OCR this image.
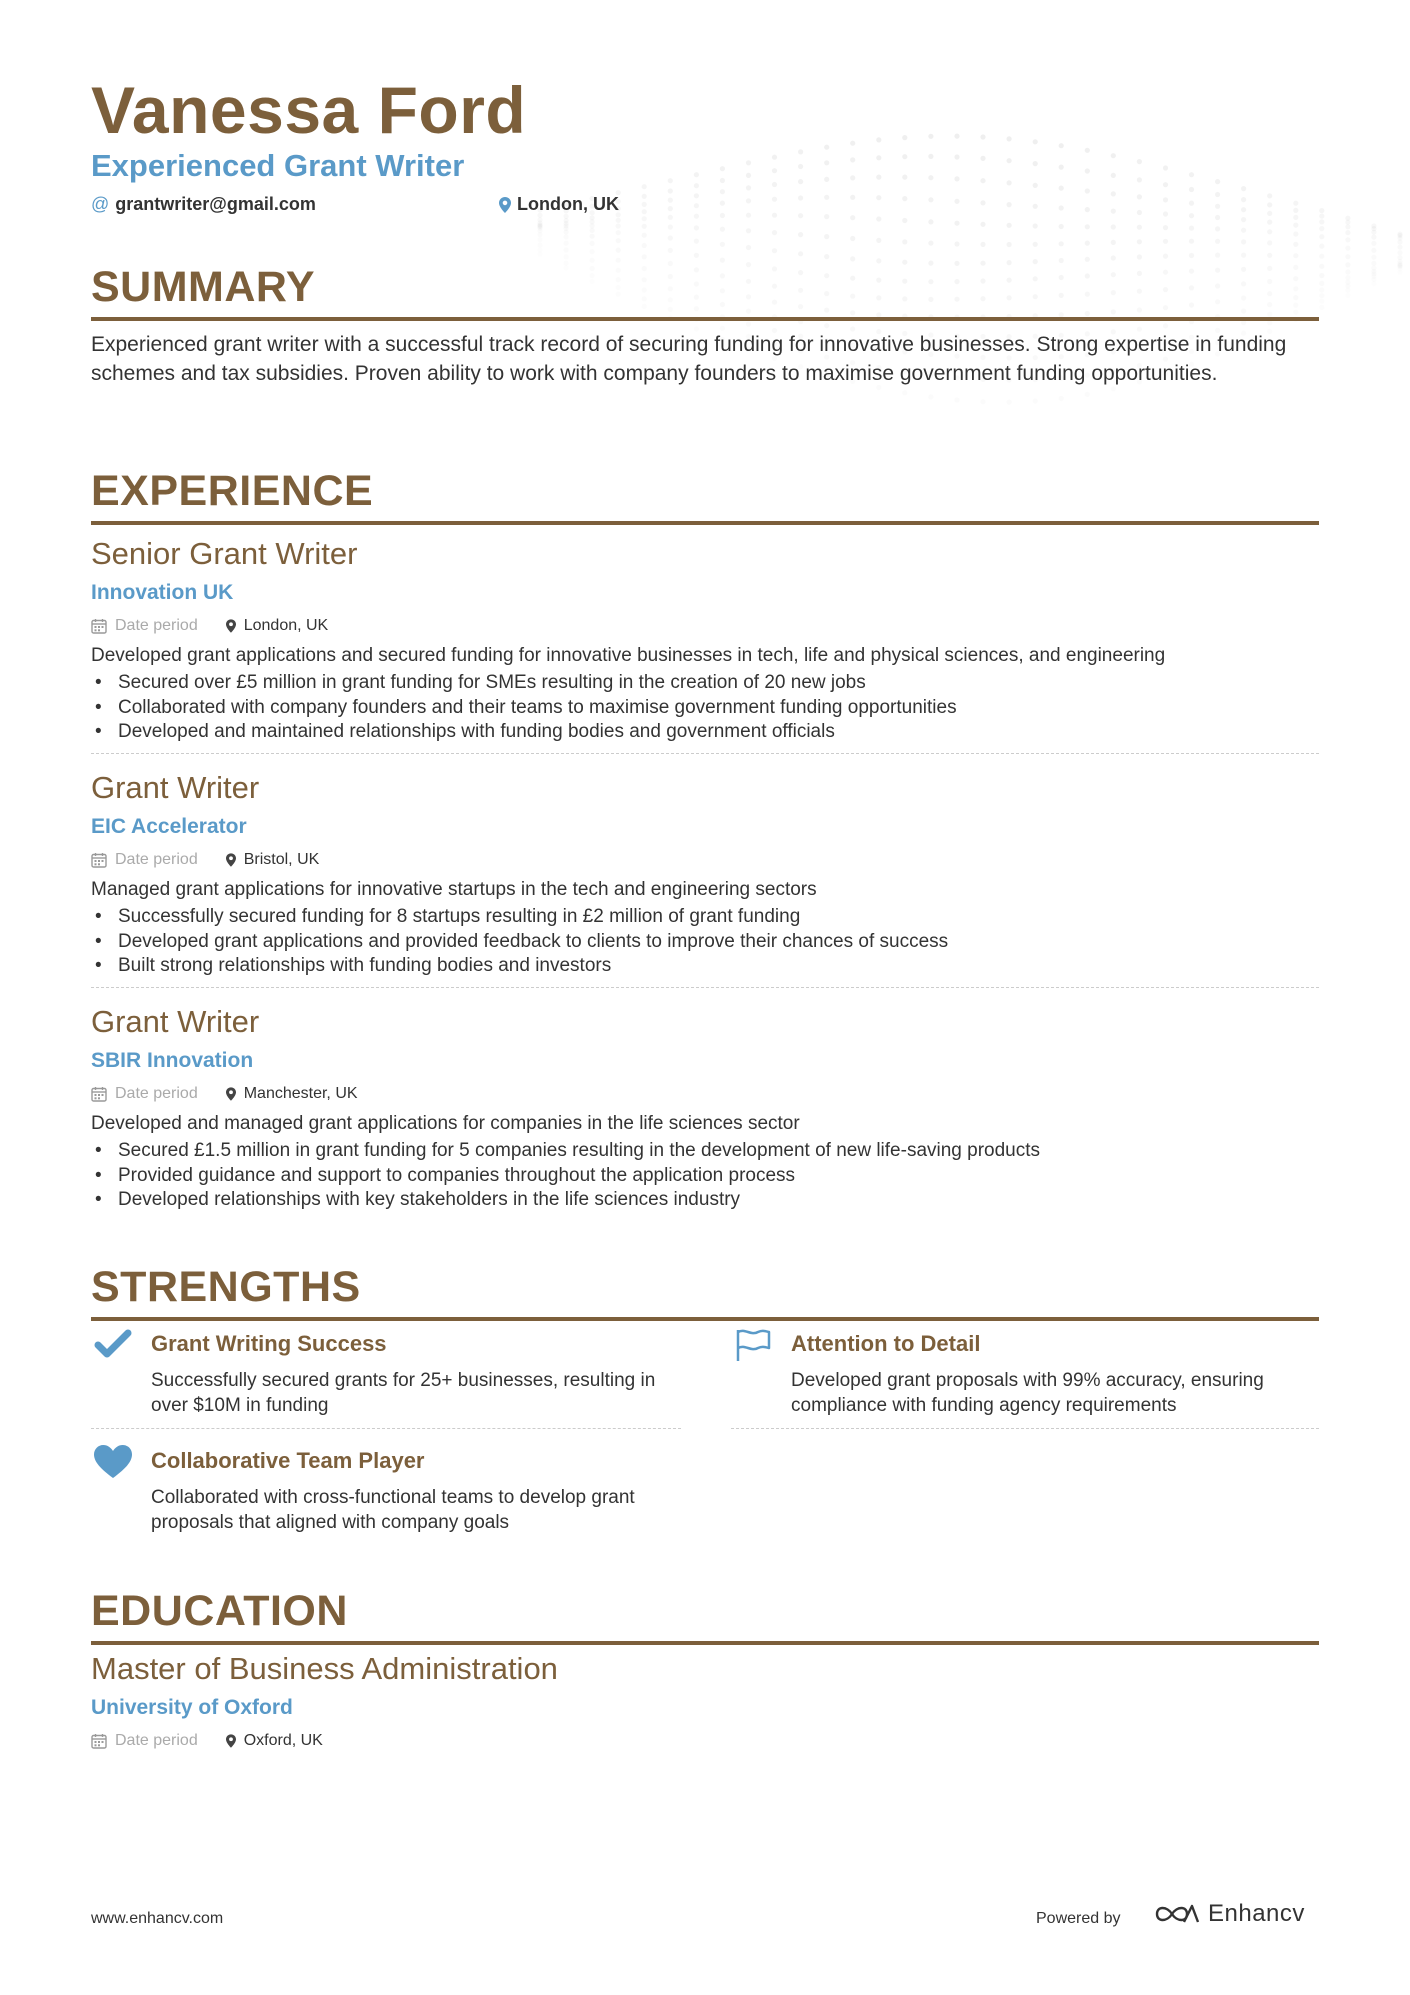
Vanessa Ford
Experienced Grant Writer
@ grantwriter@gmail.com	London, UK
SUMMARY
Experienced grant writer with a successful track record of securing funding for innovative businesses. Strong expertise in funding schemes and tax subsidies. Proven ability to work with company founders to maximise government funding opportunities.
EXPERIENCE
Senior Grant Writer
Innovation UK
Date period	London, UK
Developed grant applications and secured funding for innovative businesses in tech, life and physical sciences, and engineering
• Secured over £5 million in grant funding for SMEs resulting in the creation of 20 new jobs
• Collaborated with company founders and their teams to maximise government funding opportunities
• Developed and maintained relationships with funding bodies and government officials
Grant Writer
EIC Accelerator
Date period	Bristol, UK
Managed grant applications for innovative startups in the tech and engineering sectors
• Successfully secured funding for 8 startups resulting in £2 million of grant funding
• Developed grant applications and provided feedback to clients to improve their chances of success
• Built strong relationships with funding bodies and investors
Grant Writer
SBIR Innovation
Date period	Manchester, UK
Developed and managed grant applications for companies in the life sciences sector
• Secured £1.5 million in grant funding for 5 companies resulting in the development of new life-saving products
• Provided guidance and support to companies throughout the application process
• Developed relationships with key stakeholders in the life sciences industry
STRENGTHS
Grant Writing Success
Successfully secured grants for 25+ businesses, resulting in over $10M in funding
Attention to Detail
Developed grant proposals with 99% accuracy, ensuring compliance with funding agency requirements
Collaborative Team Player
Collaborated with cross-functional teams to develop grant proposals that aligned with company goals
EDUCATION
Master of Business Administration
University of Oxford
Date period	Oxford, UK
www.enhancv.com	Powered by	Enhancv
